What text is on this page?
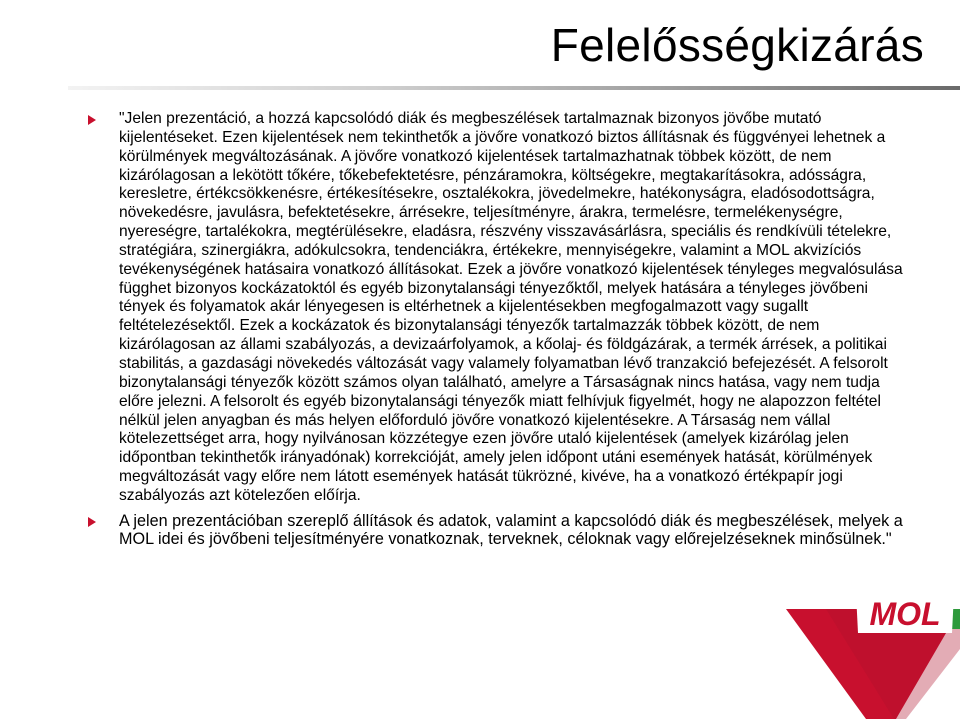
Felelősségkizárás
"Jelen prezentáció, a hozzá kapcsolódó diák és megbeszélések tartalmaznak bizonyos jövőbe mutató kijelentéseket. Ezen kijelentések nem tekinthetők a jövőre vonatkozó biztos állításnak és függvényei lehetnek a körülmények megváltozásának. A jövőre vonatkozó kijelentések tartalmazhatnak többek között, de nem kizárólagosan a lekötött tőkére, tőkebefektetésre, pénzáramokra, költségekre, megtakarításokra, adósságra, keresletre, értékcsökkenésre, értékesítésekre, osztalékokra, jövedelmekre, hatékonyságra, eladósodottságra, növekedésre, javulásra, befektetésekre, árrésekre, teljesítményre, árakra, termelésre, termelékenységre, nyereségre, tartalékokra, megtérülésekre, eladásra, részvény visszavásárlásra, speciális és rendkívüli tételekre, stratégiára, szinergiákra, adókulcsokra, tendenciákra, értékekre, mennyiségekre, valamint a MOL akvizíciós tevékenységének hatásaira vonatkozó állításokat. Ezek a jövőre vonatkozó kijelentések tényleges megvalósulása függhet bizonyos kockázatoktól és egyéb bizonytalansági tényezőktől, melyek hatására a tényleges jövőbeni tények és folyamatok akár lényegesen is eltérhetnek a kijelentésekben megfogalmazott vagy sugallt feltételezésektől. Ezek a kockázatok és bizonytalansági tényezők tartalmazzák többek között, de nem kizárólagosan az állami szabályozás, a devizaárfolyamok, a kőolaj- és földgázárak, a termék árrések, a politikai stabilitás, a gazdasági növekedés változását vagy valamely folyamatban lévő tranzakció befejezését. A felsorolt bizonytalansági tényezők között számos olyan található, amelyre a Társaságnak nincs hatása, vagy nem tudja előre jelezni. A felsorolt és egyéb bizonytalansági tényezők miatt felhívjuk figyelmét, hogy ne alapozzon feltétel nélkül jelen anyagban és más helyen előforduló jövőre vonatkozó kijelentésekre. A Társaság nem vállal kötelezettséget arra, hogy nyilvánosan közzétegye ezen jövőre utaló kijelentések (amelyek kizárólag jelen időpontban tekinthetők irányadónak) korrekcióját, amely jelen időpont utáni események hatását, körülmények megváltozását vagy előre nem látott események hatását tükrözné, kivéve, ha a vonatkozó értékpapír jogi szabályozás azt kötelezően előírja.
A jelen prezentációban szereplő állítások és adatok, valamint a kapcsolódó diák és megbeszélések, melyek a MOL idei és jövőbeni teljesítményére vonatkoznak, terveknek, céloknak vagy előrejelzéseknek minősülnek."
MOL
